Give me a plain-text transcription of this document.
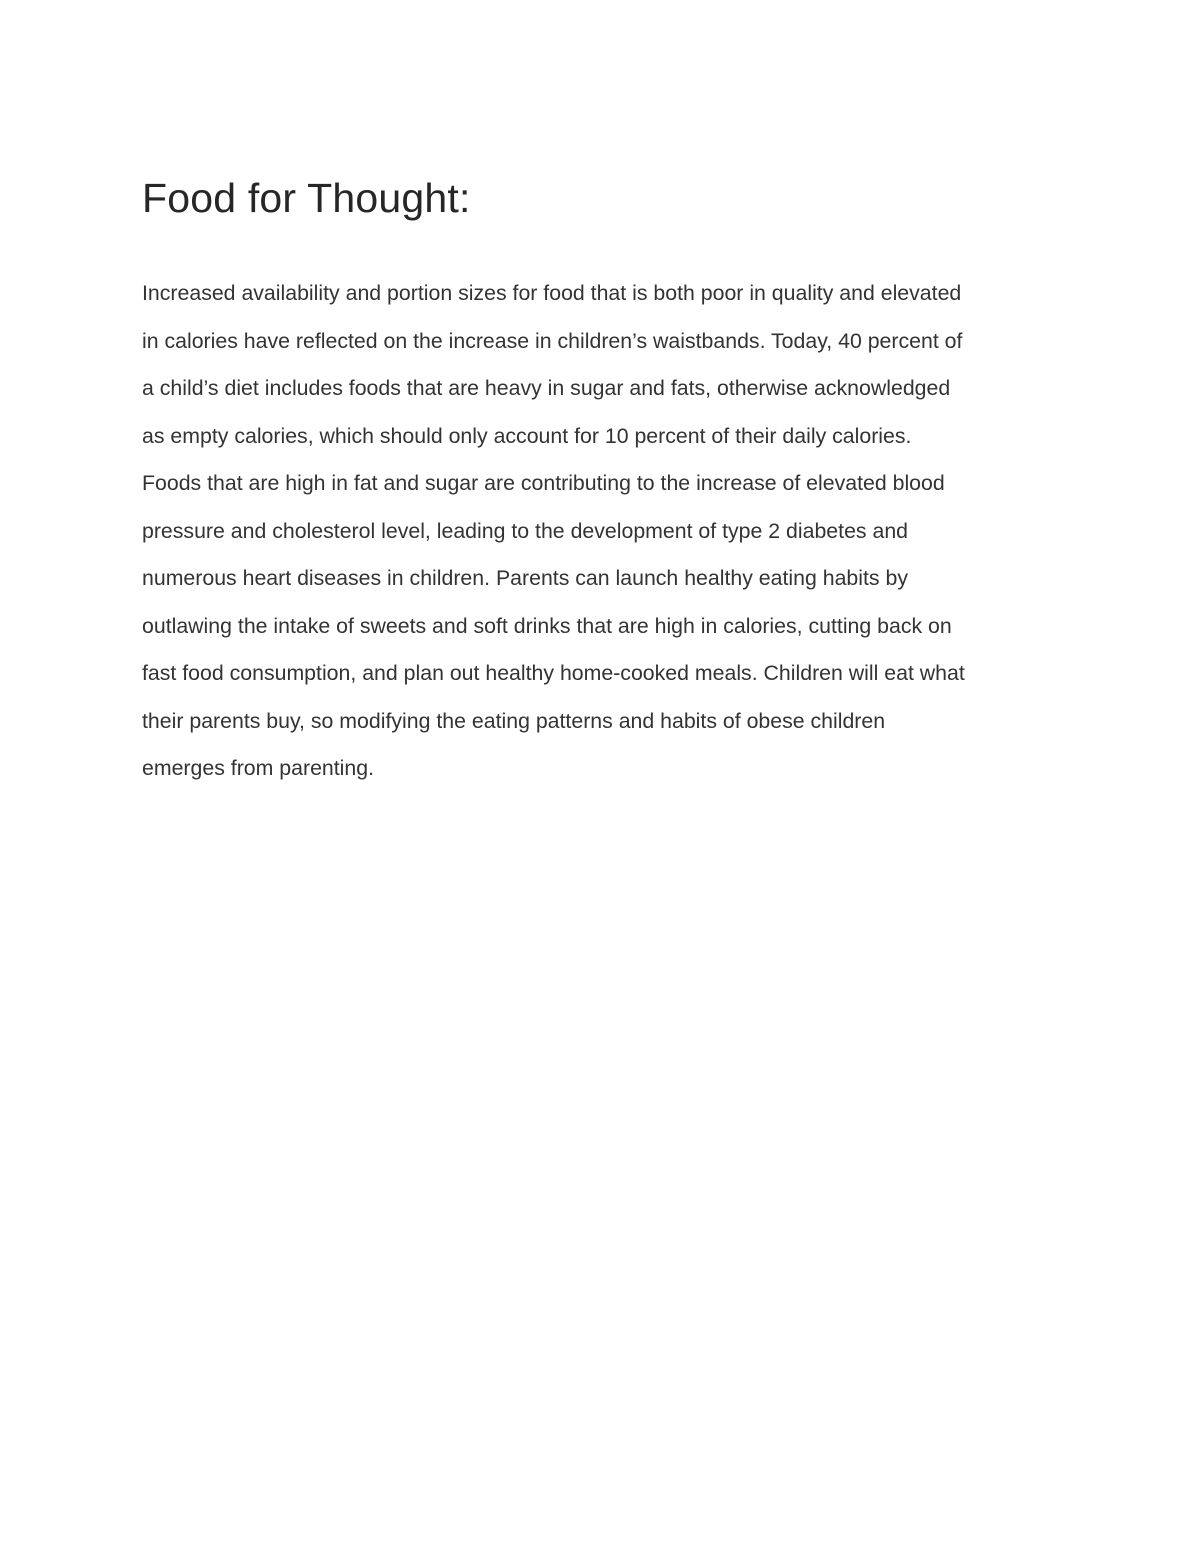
Food for Thought:
Increased availability and portion sizes for food that is both poor in quality and elevated
in calories have reflected on the increase in children’s waistbands. Today, 40 percent of
a child’s diet includes foods that are heavy in sugar and fats, otherwise acknowledged
as empty calories, which should only account for 10 percent of their daily calories.
Foods that are high in fat and sugar are contributing to the increase of elevated blood
pressure and cholesterol level, leading to the development of type 2 diabetes and
numerous heart diseases in children. Parents can launch healthy eating habits by
outlawing the intake of sweets and soft drinks that are high in calories, cutting back on
fast food consumption, and plan out healthy home-cooked meals. Children will eat what
their parents buy, so modifying the eating patterns and habits of obese children
emerges from parenting.
